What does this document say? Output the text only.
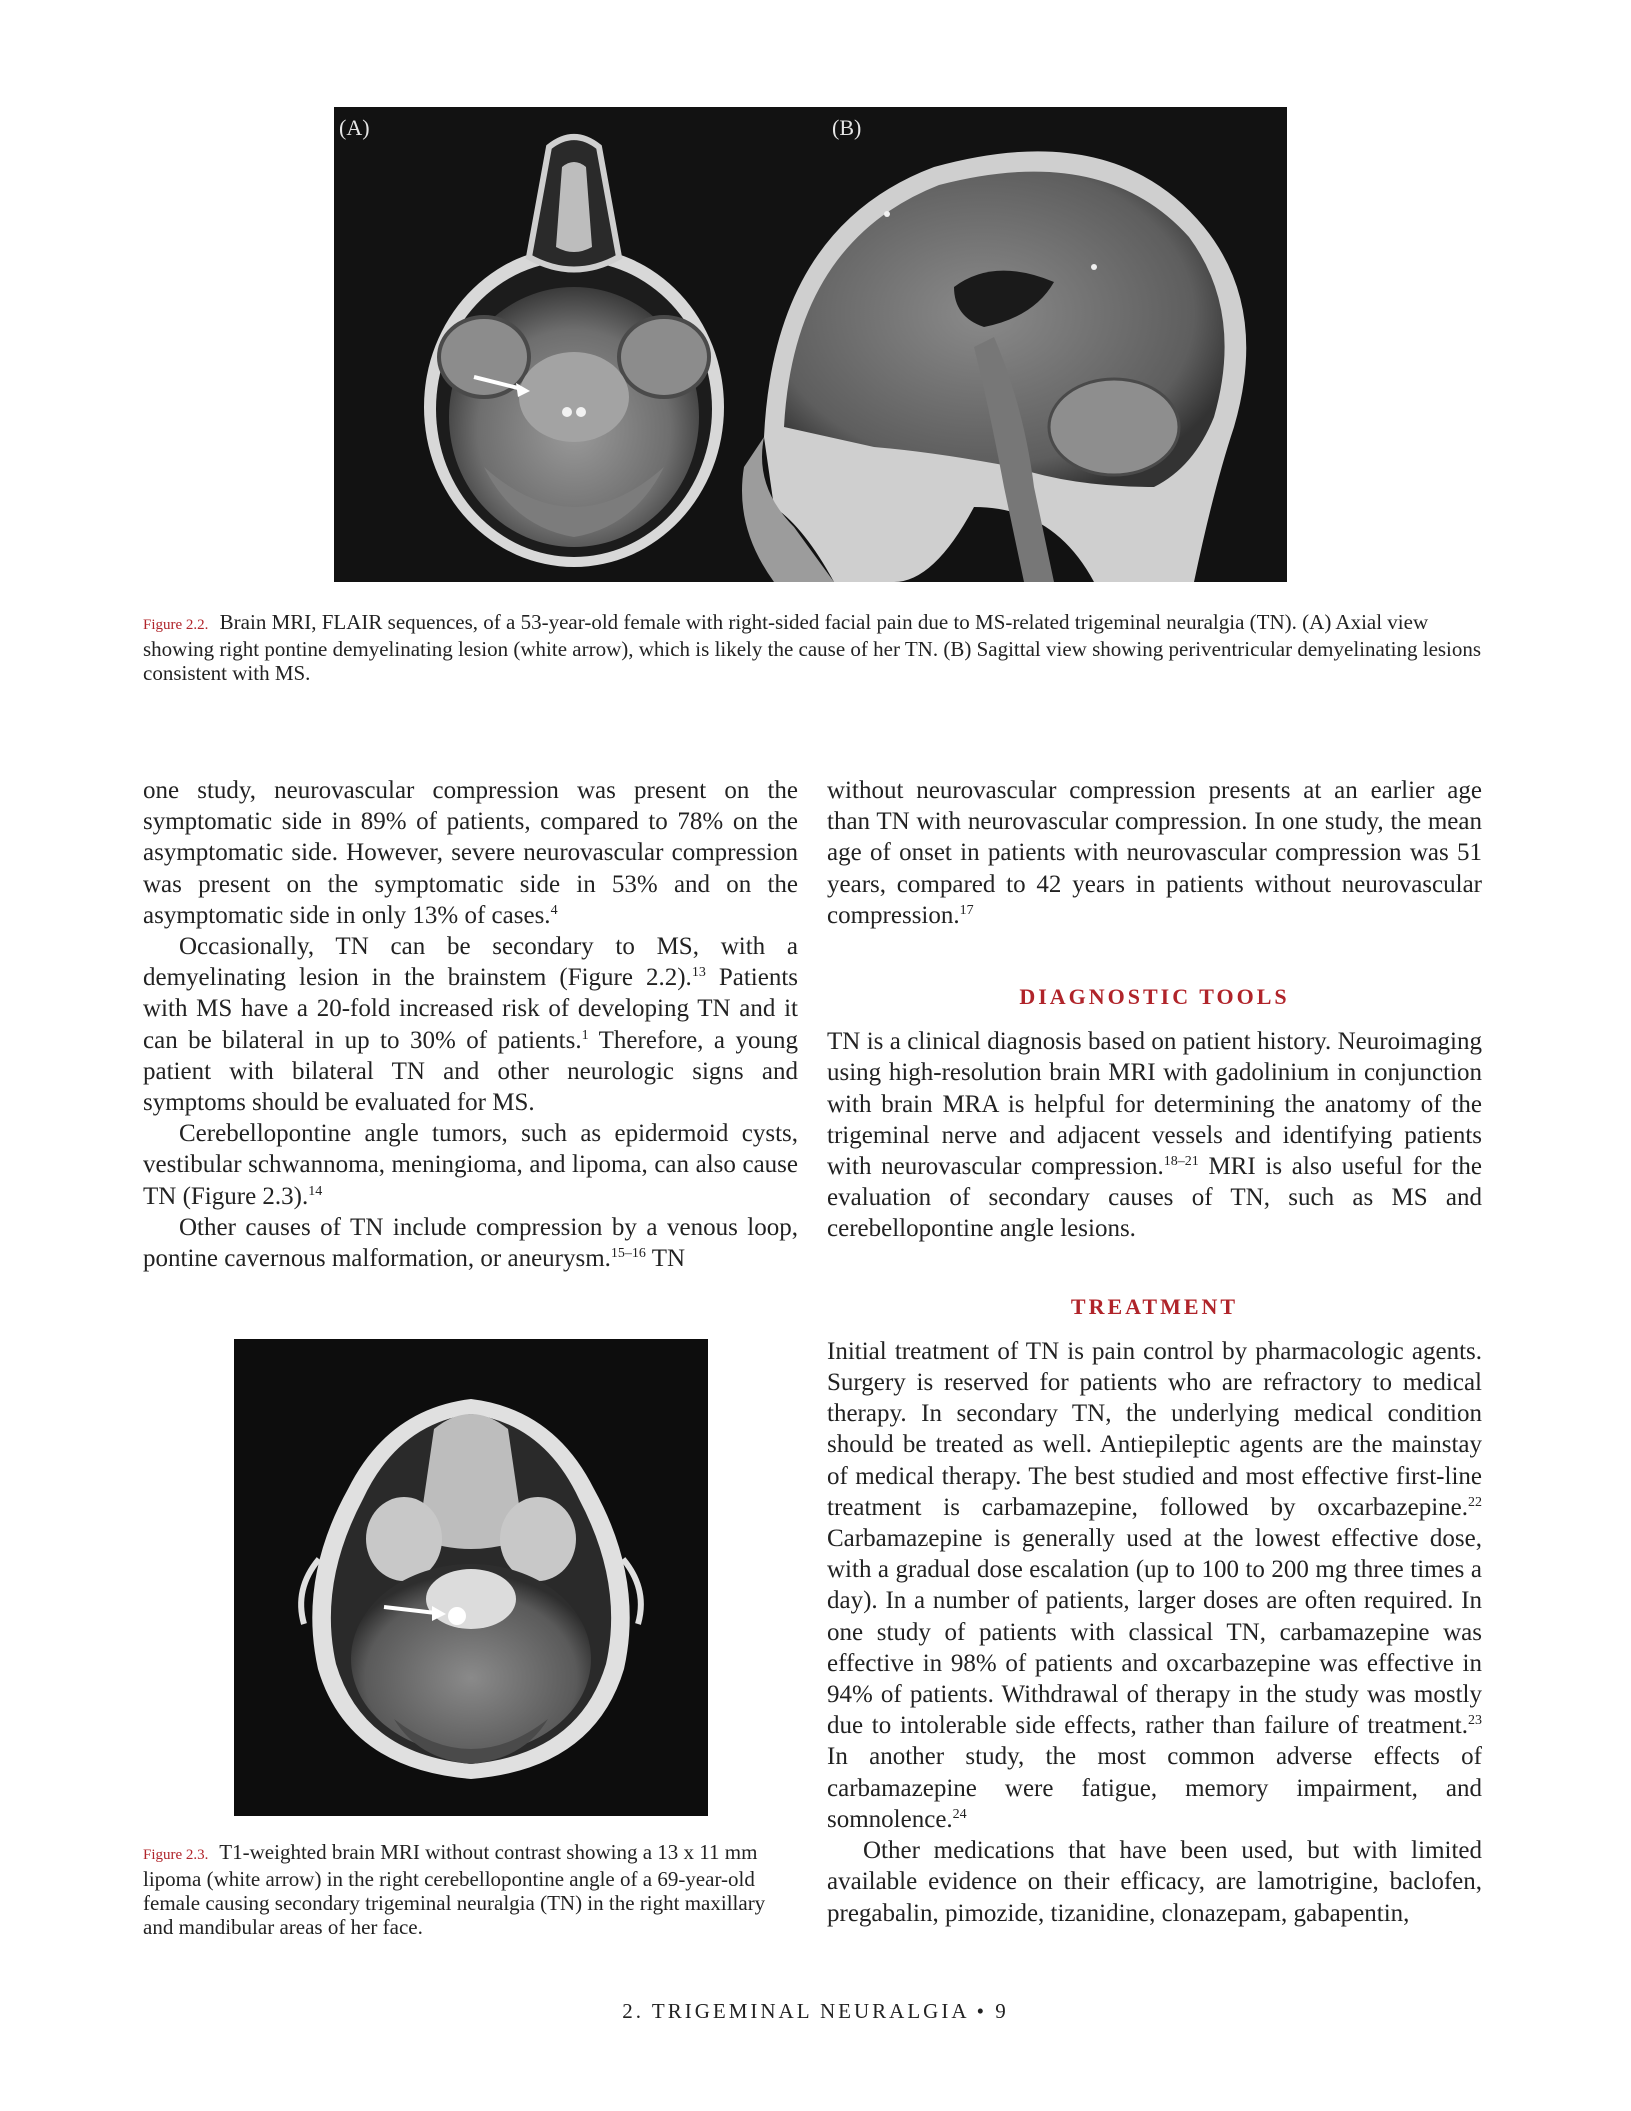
(A)	(B)
Figure 2.2. Brain MRI, FLAIR sequences, of a 53-year-old female with right-sided facial pain due to MS-related trigeminal neuralgia (TN). (A) Axial view showing right pontine demyelinating lesion (white arrow), which is likely the cause of her TN. (B) Sagittal view showing periventricular demyelinating lesions consistent with MS.

one study, neurovascular compression was present on the symptomatic side in 89% of patients, compared to 78% on the asymptomatic side. However, severe neurovascular compression was present on the symptomatic side in 53% and on the asymptomatic side in only 13% of cases.$^4$

Occasionally, TN can be secondary to MS, with a demyelinating lesion in the brainstem (Figure 2.2).$^{13}$ Patients with MS have a 20-fold increased risk of developing TN and it can be bilateral in up to 30% of patients.$^1$ Therefore, a young patient with bilateral TN and other neurologic signs and symptoms should be evaluated for MS.

Cerebellopontine angle tumors, such as epidermoid cysts, vestibular schwannoma, meningioma, and lipoma, can also cause TN (Figure 2.3).$^{14}$

Other causes of TN include compression by a venous loop, pontine cavernous malformation, or aneurysm.$^{15-16}$ TN

Figure 2.3. T1-weighted brain MRI without contrast showing a 13 x 11 mm lipoma (white arrow) in the right cerebellopontine angle of a 69-year-old female causing secondary trigeminal neuralgia (TN) in the right maxillary and mandibular areas of her face.

without neurovascular compression presents at an earlier age than TN with neurovascular compression. In one study, the mean age of onset in patients with neurovascular compression was 51 years, compared to 42 years in patients without neurovascular compression.$^{17}$

DIAGNOSTIC TOOLS

TN is a clinical diagnosis based on patient history. Neuroimaging using high-resolution brain MRI with gadolinium in conjunction with brain MRA is helpful for determining the anatomy of the trigeminal nerve and adjacent vessels and identifying patients with neurovascular compression.$^{18-21}$ MRI is also useful for the evaluation of secondary causes of TN, such as MS and cerebellopontine angle lesions.

TREATMENT

Initial treatment of TN is pain control by pharmacologic agents. Surgery is reserved for patients who are refractory to medical therapy. In secondary TN, the underlying medical condition should be treated as well. Antiepileptic agents are the mainstay of medical therapy. The best studied and most effective first-line treatment is carbamazepine, followed by oxcarbazepine.$^{22}$ Carbamazepine is generally used at the lowest effective dose, with a gradual dose escalation (up to 100 to 200 mg three times a day). In a number of patients, larger doses are often required. In one study of patients with classical TN, carbamazepine was effective in 98% of patients and oxcarbazepine was effective in 94% of patients. Withdrawal of therapy in the study was mostly due to intolerable side effects, rather than failure of treatment.$^{23}$ In another study, the most common adverse effects of carbamazepine were fatigue, memory impairment, and somnolence.$^{24}$

Other medications that have been used, but with limited available evidence on their efficacy, are lamotrigine, baclofen, pregabalin, pimozide, tizanidine, clonazepam, gabapentin,

2. TRIGEMINAL NEURALGIA • 9
